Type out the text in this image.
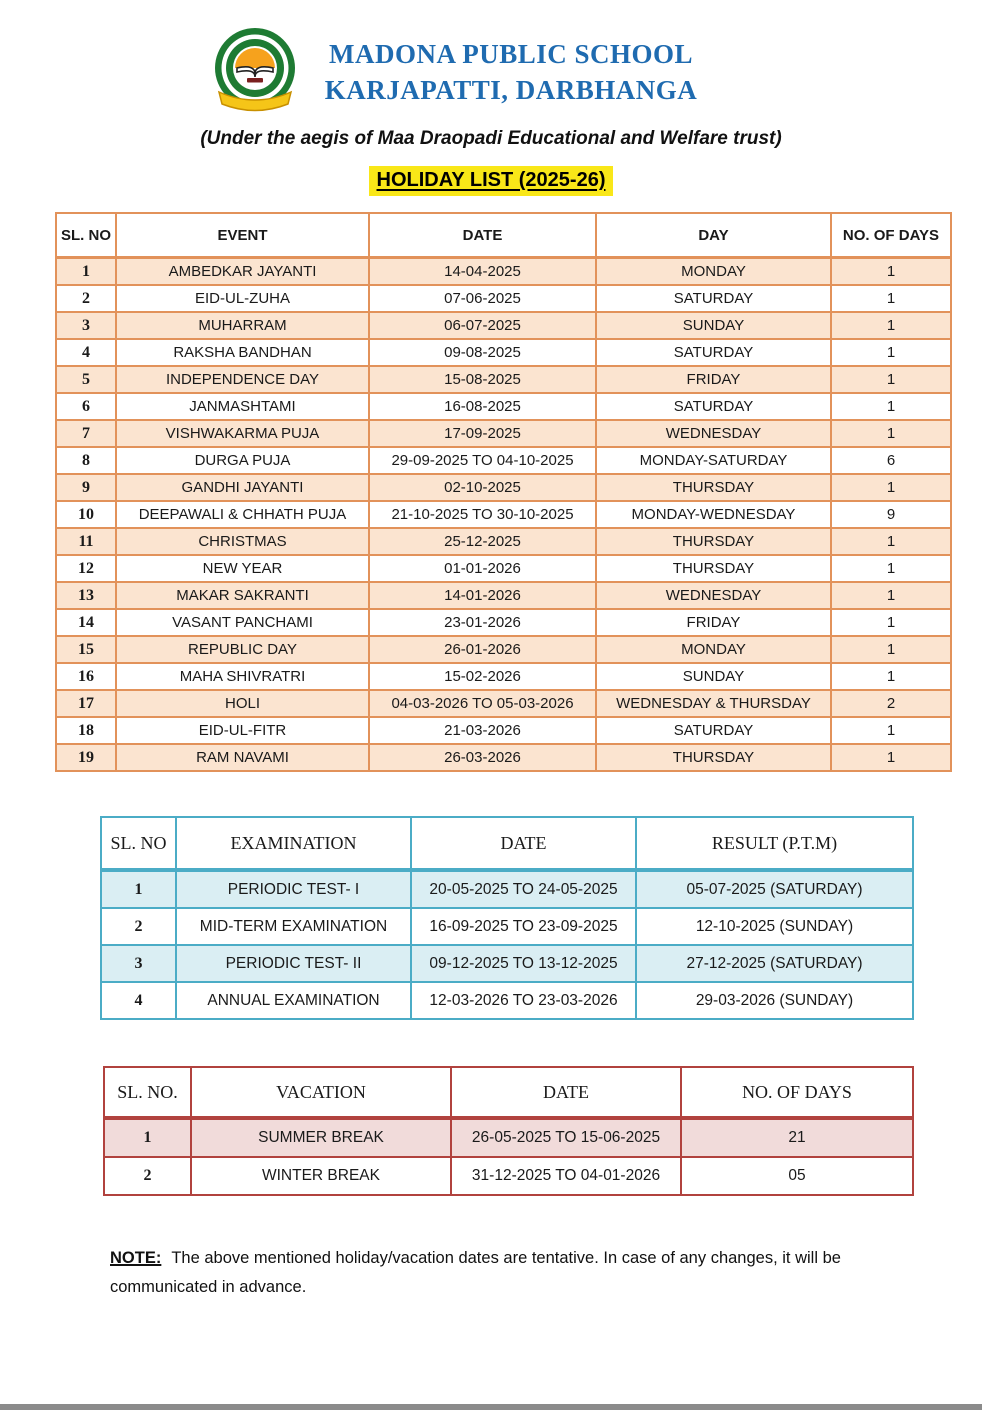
MADONA PUBLIC SCHOOL
KARJAPATTI, DARBHANGA
(Under the aegis of Maa Draopadi Educational and Welfare trust)
HOLIDAY LIST (2025-26)
SL. NO	EVENT	DATE	DAY	NO. OF DAYS
1	AMBEDKAR JAYANTI	14-04-2025	MONDAY	1
2	EID-UL-ZUHA	07-06-2025	SATURDAY	1
3	MUHARRAM	06-07-2025	SUNDAY	1
4	RAKSHA BANDHAN	09-08-2025	SATURDAY	1
5	INDEPENDENCE DAY	15-08-2025	FRIDAY	1
6	JANMASHTAMI	16-08-2025	SATURDAY	1
7	VISHWAKARMA PUJA	17-09-2025	WEDNESDAY	1
8	DURGA PUJA	29-09-2025 TO 04-10-2025	MONDAY-SATURDAY	6
9	GANDHI JAYANTI	02-10-2025	THURSDAY	1
10	DEEPAWALI & CHHATH PUJA	21-10-2025 TO 30-10-2025	MONDAY-WEDNESDAY	9
11	CHRISTMAS	25-12-2025	THURSDAY	1
12	NEW YEAR	01-01-2026	THURSDAY	1
13	MAKAR SAKRANTI	14-01-2026	WEDNESDAY	1
14	VASANT PANCHAMI	23-01-2026	FRIDAY	1
15	REPUBLIC DAY	26-01-2026	MONDAY	1
16	MAHA SHIVRATRI	15-02-2026	SUNDAY	1
17	HOLI	04-03-2026 TO 05-03-2026	WEDNESDAY & THURSDAY	2
18	EID-UL-FITR	21-03-2026	SATURDAY	1
19	RAM NAVAMI	26-03-2026	THURSDAY	1
SL. NO	EXAMINATION	DATE	RESULT (P.T.M)
1	PERIODIC TEST- I	20-05-2025 TO 24-05-2025	05-07-2025 (SATURDAY)
2	MID-TERM EXAMINATION	16-09-2025 TO 23-09-2025	12-10-2025 (SUNDAY)
3	PERIODIC TEST- II	09-12-2025 TO 13-12-2025	27-12-2025 (SATURDAY)
4	ANNUAL EXAMINATION	12-03-2026 TO 23-03-2026	29-03-2026 (SUNDAY)
SL. NO.	VACATION	DATE	NO. OF DAYS
1	SUMMER BREAK	26-05-2025 TO 15-06-2025	21
2	WINTER BREAK	31-12-2025 TO 04-01-2026	05
NOTE: The above mentioned holiday/vacation dates are tentative. In case of any changes, it will be communicated in advance.
